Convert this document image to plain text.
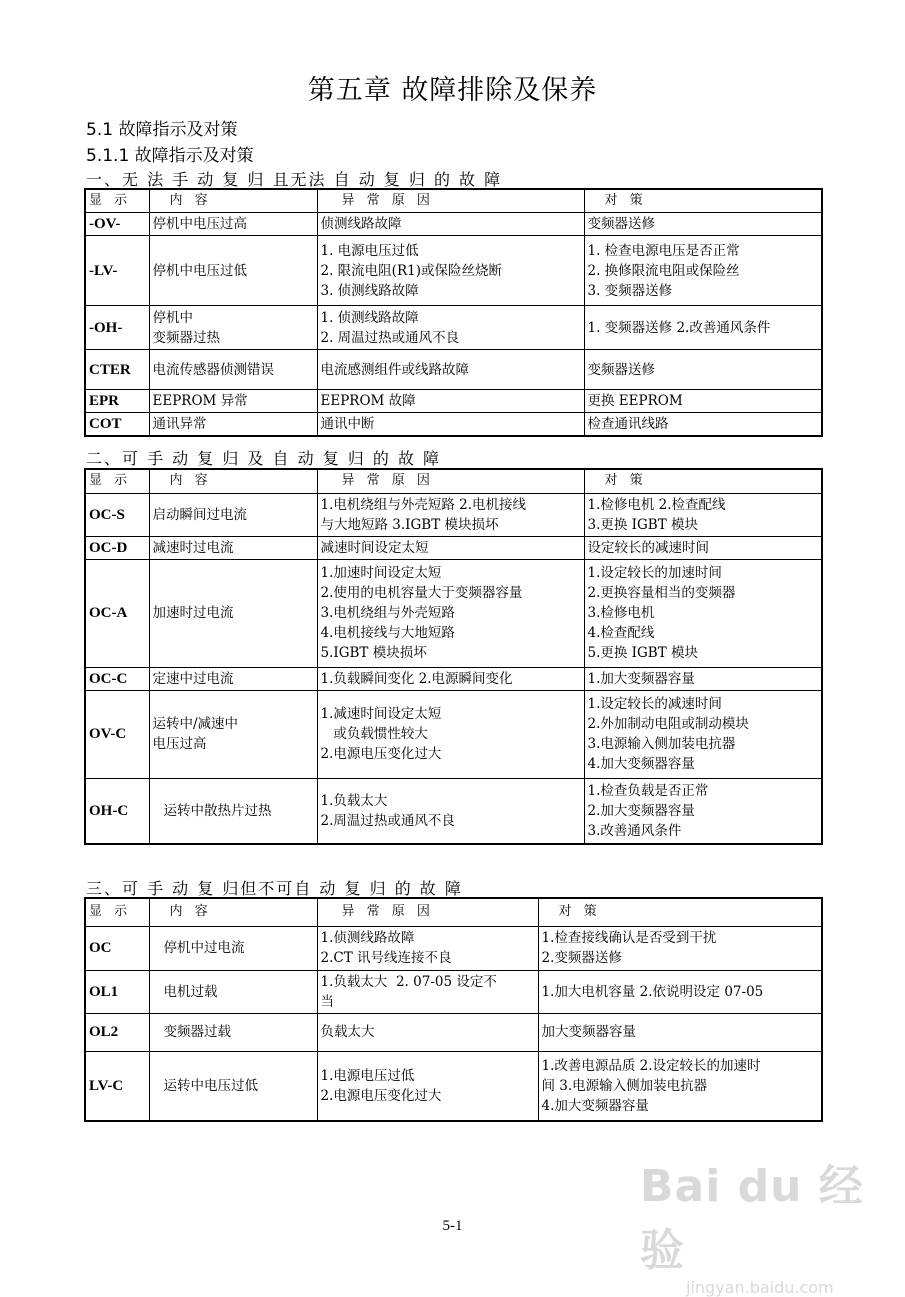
第五章 故障排除及保养
5.1 故障指示及对策
5.1.1 故障指示及对策
一、无 法 手 动 复 归 且无法 自 动 复 归 的 故 障
显 示	内 容	异 常 原 因	对 策
-OV-	停机中电压过高	侦测线路故障	变频器送修

-LV-	停机中电压过低	1. 电源电压过低
2. 限流电阻(R1)或保险丝烧断
3. 侦测线路故障	1. 检查电源电压是否正常
2. 换修限流电阻或保险丝
3. 变频器送修

-OH-	停机中
变频器过热	1. 侦测线路故障
2. 周温过热或通风不良	1. 变频器送修 2.改善通风条件

CTER	电流传感器侦测错误	电流感测组件或线路故障	变频器送修

EPR	EEPROM 异常	EEPROM 故障	更换 EEPROM

COT	通讯异常	通讯中断	检查通讯线路
二、可 手 动 复 归 及 自 动 复 归 的 故 障
显 示	内 容	异 常 原 因	对 策
OC-S	启动瞬间过电流	1.电机绕组与外壳短路 2.电机接线
与大地短路 3.IGBT 模块损坏	1.检修电机 2.检查配线
3.更换 IGBT 模块

OC-D	减速时过电流	减速时间设定太短	设定较长的减速时间

OC-A	加速时过电流	1.加速时间设定太短
2.使用的电机容量大于变频器容量
3.电机绕组与外壳短路
4.电机接线与大地短路
5.IGBT 模块损坏	1.设定较长的加速时间
2.更换容量相当的变频器
3.检修电机
4.检查配线
5.更换 IGBT 模块

OC-C	定速中过电流	1.负载瞬间变化 2.电源瞬间变化	1.加大变频器容量

OV-C	运转中/减速中
电压过高	1.减速时间设定太短
或负载惯性较大
2.电源电压变化过大	1.设定较长的减速时间
2.外加制动电阻或制动模块
3.电源输入侧加装电抗器
4.加大变频器容量

OH-C	运转中散热片过热	1.负载太大
2.周温过热或通风不良	1.检查负载是否正常
2.加大变频器容量
3.改善通风条件
三、可 手 动 复 归但不可自 动 复 归 的 故 障
显 示	内 容	异 常 原 因	对 策
OC	停机中过电流	1.侦测线路故障
2.CT 讯号线连接不良	1.检查接线确认是否受到干扰
2.变频器送修

OL1	电机过载	1.负载太大  2. 07-05 设定不
当	1.加大电机容量 2.依说明设定 07-05

OL2	变频器过载	负载太大	加大变频器容量

LV-C	运转中电压过低	1.电源电压过低
2.电源电压变化过大	1.改善电源品质 2.设定较长的加速时
间 3.电源输入侧加装电抗器
4.加大变频器容量
5-1
Bai du 经验
jingyan.baidu.com
